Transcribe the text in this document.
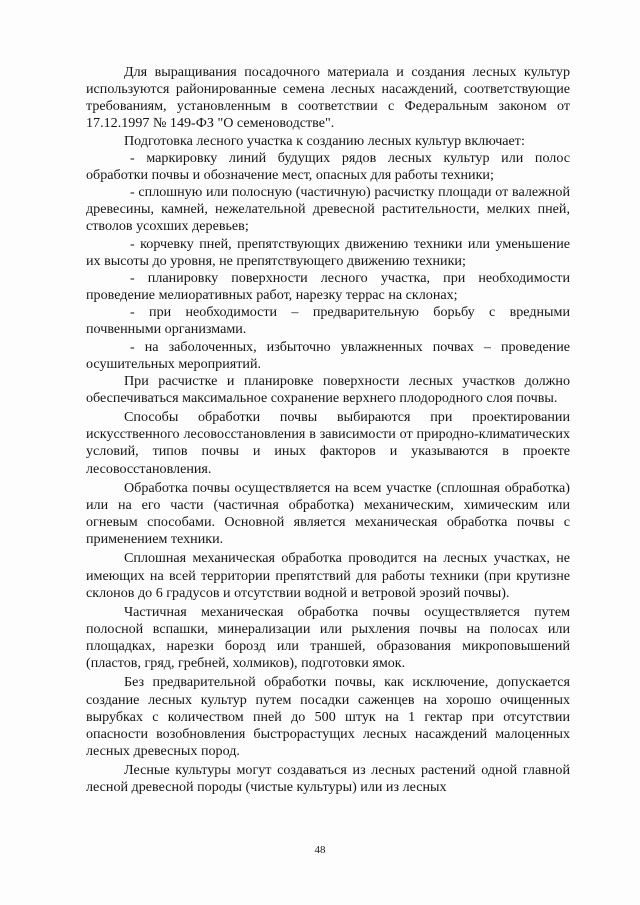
Для выращивания посадочного материала и создания лесных культур используются районированные семена лесных насаждений, соответствующие требованиям, установленным в соответствии с Федеральным законом от 17.12.1997 № 149-ФЗ "О семеноводстве".

Подготовка лесного участка к созданию лесных культур включает:

- маркировку линий будущих рядов лесных культур или полос обработки почвы и обозначение мест, опасных для работы техники;

- сплошную или полосную (частичную) расчистку площади от валежной древесины, камней, нежелательной древесной растительности, мелких пней, стволов усохших деревьев;

- корчевку пней, препятствующих движению техники или уменьшение их высоты до уровня, не препятствующего движению техники;

- планировку поверхности лесного участка, при необходимости проведение мелиоративных работ, нарезку террас на склонах;

- при необходимости – предварительную борьбу с вредными почвенными организмами.

- на заболоченных, избыточно увлажненных почвах – проведение осушительных мероприятий.

При расчистке и планировке поверхности лесных участков должно обеспечиваться максимальное сохранение верхнего плодородного слоя почвы.

Способы обработки почвы выбираются при проектировании искусственного лесовосстановления в зависимости от природно-климатических условий, типов почвы и иных факторов и указываются в проекте лесовосстановления.

Обработка почвы осуществляется на всем участке (сплошная обработка) или на его части (частичная обработка) механическим, химическим или огневым способами. Основной является механическая обработка почвы с применением техники.

Сплошная механическая обработка проводится на лесных участках, не имеющих на всей территории препятствий для работы техники (при крутизне склонов до 6 градусов и отсутствии водной и ветровой эрозий почвы).

Частичная механическая обработка почвы осуществляется путем полосной вспашки, минерализации или рыхления почвы на полосах или площадках, нарезки борозд или траншей, образования микроповышений (пластов, гряд, гребней, холмиков), подготовки ямок.

Без предварительной обработки почвы, как исключение, допускается создание лесных культур путем посадки саженцев на хорошо очищенных вырубках с количеством пней до 500 штук на 1 гектар при отсутствии опасности возобновления быстрорастущих лесных насаждений малоценных лесных древесных пород.

Лесные культуры могут создаваться из лесных растений одной главной лесной древесной породы (чистые культуры) или из лесных

48
